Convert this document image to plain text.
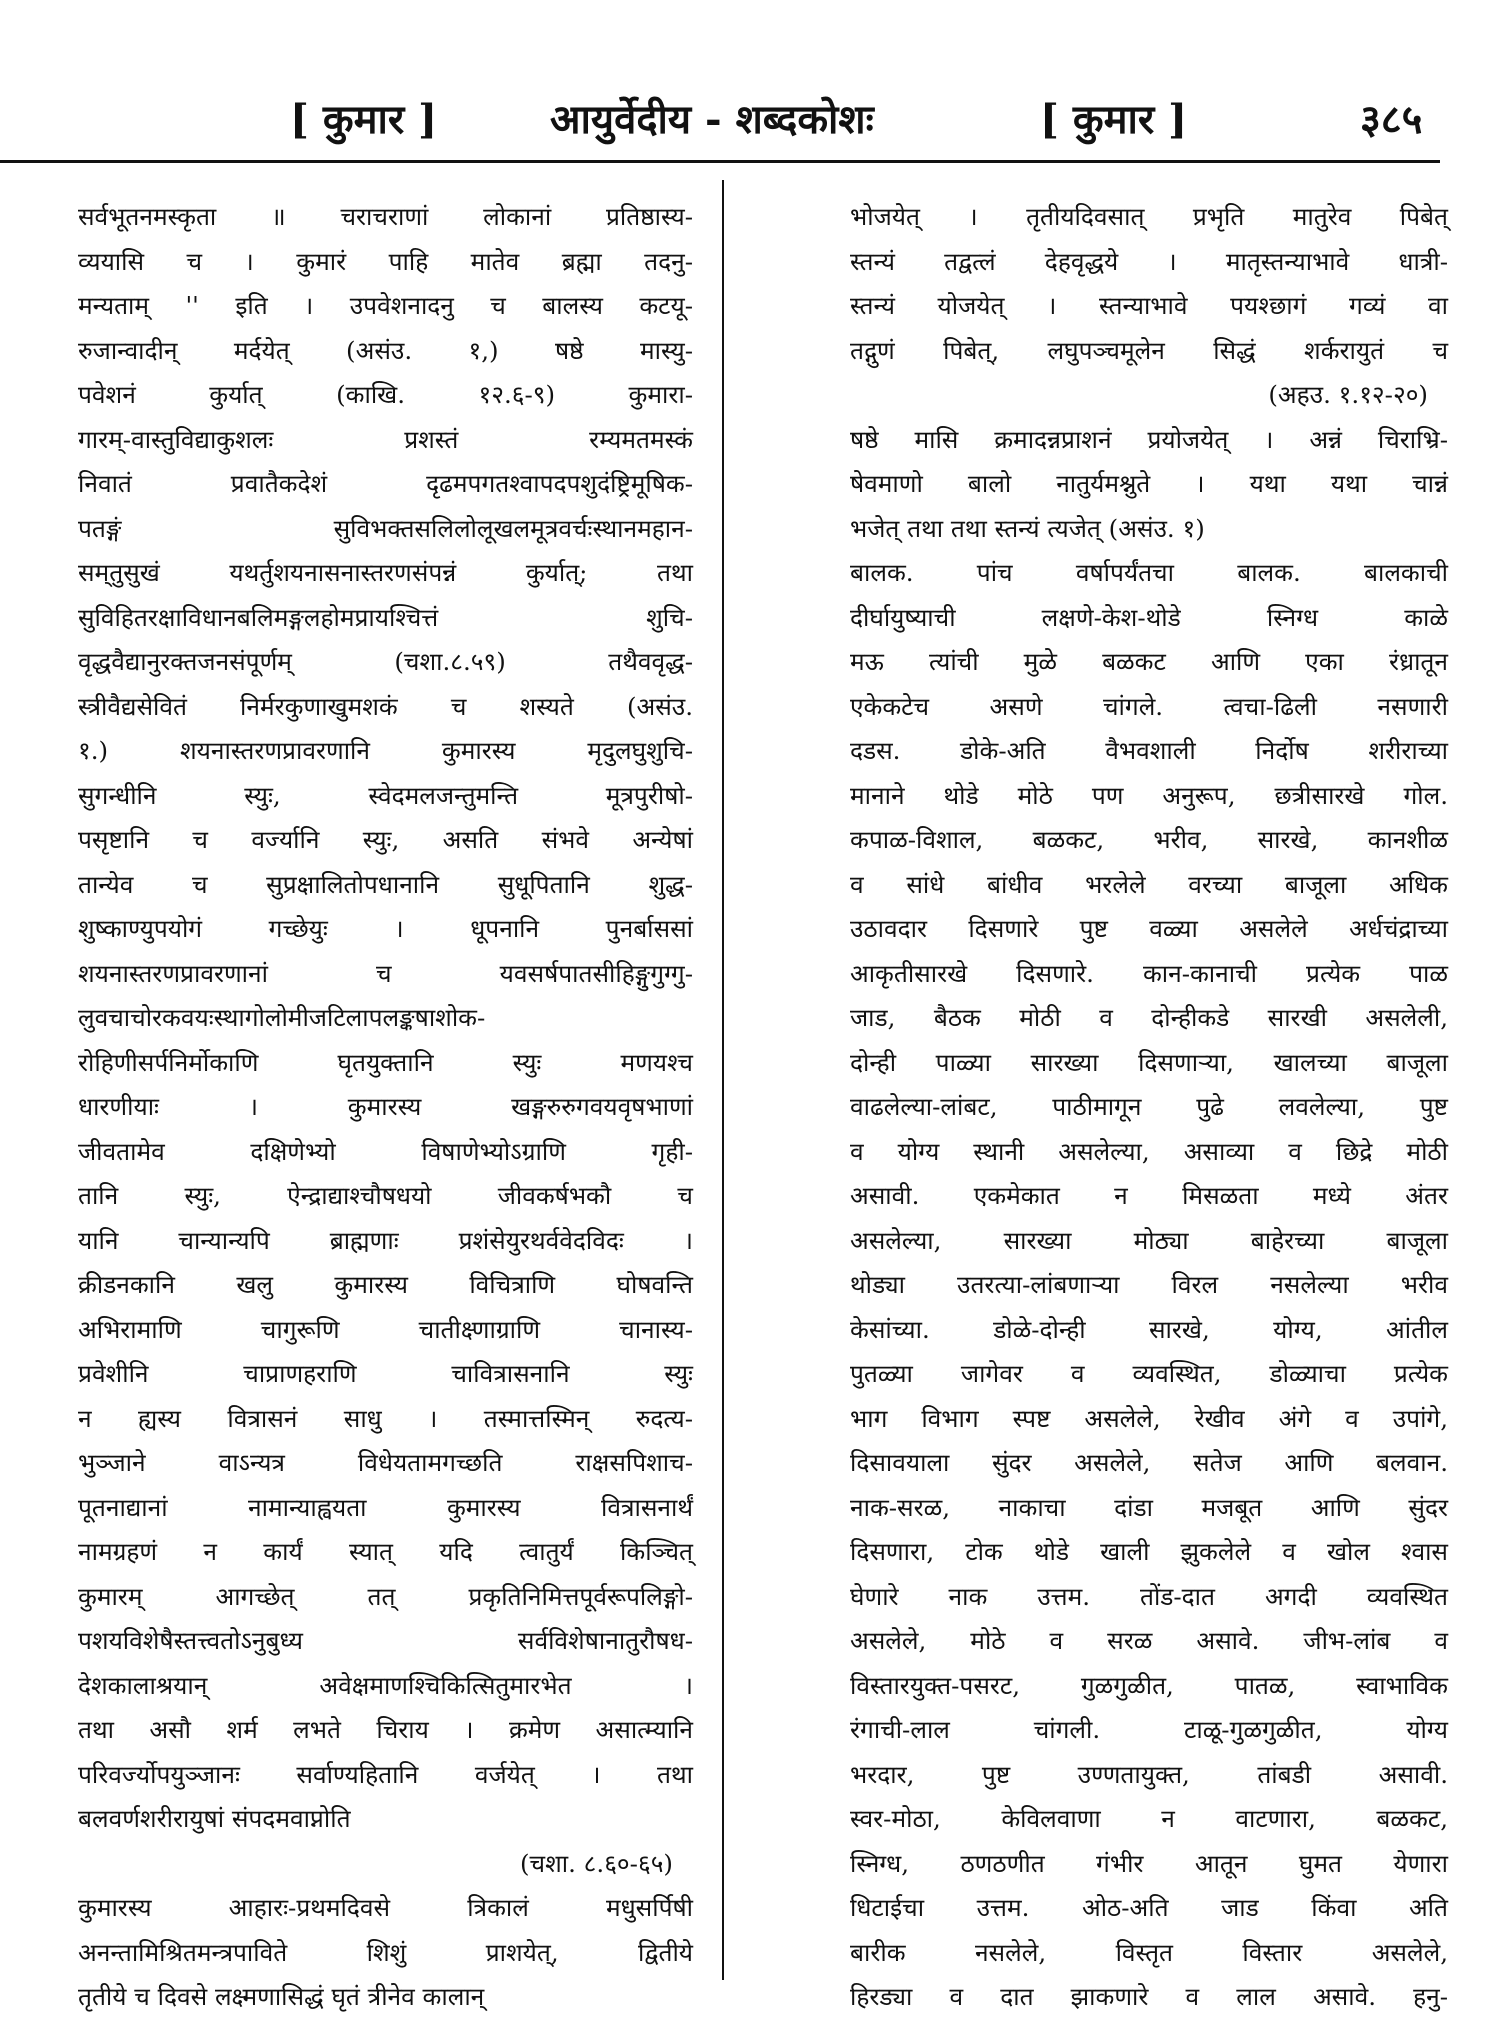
[ कुमार ]	आयुर्वेदीय - शब्दकोशः	[ कुमार ]	३८५
सर्वभूतनमस्कृता ॥ चराचराणां लोकानां प्रतिष्ठास्य-
व्ययासि च । कुमारं पाहि मातेव ब्रह्मा तदनु-
मन्यताम् '' इति । उपवेशनादनु च बालस्य कटयू-
रुजान्वादीन् मर्दयेत् (असंउ. १,) षष्ठे मास्यु-
पवेशनं कुर्यात् (काखि. १२.६-९) कुमारा-
गारम्-वास्तुविद्याकुशलः प्रशस्तं रम्यमतमस्कं
निवातं प्रवातैकदेशं दृढमपगतश्वापदपशुदंष्ट्रिमूषिक-
पतङ्गं सुविभक्तसलिलोलूखलमूत्रवर्चःस्थानमहान-
सम्‌तुसुखं यथर्तुशयनासनास्तरणसंपन्नं कुर्यात्; तथा
सुविहितरक्षाविधानबलिमङ्गलहोमप्रायश्चित्तं शुचि-
वृद्धवैद्यानुरक्तजनसंपूर्णम् (चशा.८.५९) तथैववृद्ध-
स्त्रीवैद्यसेवितं निर्मरकुणाखुमशकं च शस्यते (असंउ.
१.) शयनास्तरणप्रावरणानि कुमारस्य मृदुलघुशुचि-
सुगन्धीनि स्युः, स्वेदमलजन्तुमन्ति मूत्रपुरीषो-
पसृष्टानि च वर्ज्यानि स्युः, असति संभवे अन्येषां
तान्येव च सुप्रक्षालितोपधानानि सुधूपितानि शुद्ध-
शुष्काण्युपयोगं गच्छेयुः । धूपनानि पुनर्बाससां
शयनास्तरणप्रावरणानां च यवसर्षपातसीहिङ्गुगुग्गु-
लुवचाचोरकवयःस्थागोलोमीजटिलापलङ्कषाशोक-
रोहिणीसर्पनिर्मोकाणि घृतयुक्तानि स्युः मणयश्च
धारणीयाः । कुमारस्य खङ्गरुरुगवयवृषभाणां
जीवतामेव दक्षिणेभ्यो विषाणेभ्योऽग्राणि गृही-
तानि स्युः, ऐन्द्राद्याश्चौषधयो जीवकर्षभकौ च
यानि चान्यान्यपि ब्राह्मणाः प्रशंसेयुरथर्ववेदविदः ।
क्रीडनकानि खलु कुमारस्य विचित्राणि घोषवन्ति
अभिरामाणि चागुरूणि चातीक्ष्णाग्राणि चानास्य-
प्रवेशीनि चाप्राणहराणि चावित्रासनानि स्युः
न ह्यस्य वित्रासनं साधु । तस्मात्तस्मिन् रुदत्य-
भुञ्जाने वाऽन्यत्र विधेयतामगच्छति राक्षसपिशाच-
पूतनाद्यानां नामान्याह्वयता कुमारस्य वित्रासनार्थं
नामग्रहणं न कार्यं स्यात् यदि त्वातुर्यं किञ्चित्
कुमारम् आगच्छेत् तत् प्रकृतिनिमित्तपूर्वरूपलिङ्गो-
पशयविशेषैस्तत्त्वतोऽनुबुध्य सर्वविशेषानातुरौषध-
देशकालाश्रयान् अवेक्षमाणश्चिकित्सितुमारभेत ।
तथा असौ शर्म लभते चिराय । क्रमेण असात्म्यानि
परिवर्ज्योपयुञ्जानः सर्वाण्यहितानि वर्जयेत् । तथा
बलवर्णशरीरायुषां संपदमवाप्नोति
(चशा. ८.६०-६५)
कुमारस्य आहारः-प्रथमदिवसे त्रिकालं मधुसर्पिषी
अनन्तामिश्रितमन्त्रपाविते शिशुं प्राशयेत्, द्वितीये
तृतीये च दिवसे लक्ष्मणासिद्धं घृतं त्रीनेव कालान्
भोजयेत् । तृतीयदिवसात् प्रभृति मातुरेव पिबेत्
स्तन्यं तद्वत्लं देहवृद्धये । मातृस्तन्याभावे धात्री-
स्तन्यं योजयेत् । स्तन्याभावे पयश्छागं गव्यं वा
तद्गुणं पिबेत्, लघुपञ्चमूलेन सिद्धं शर्करायुतं च
(अहउ. १.१२-२०)
षष्ठे मासि क्रमादन्नप्राशनं प्रयोजयेत् । अन्नं चिराभ्रि-
षेवमाणो बालो नातुर्यमश्नुते । यथा यथा चान्नं
भजेत् तथा तथा स्तन्यं त्यजेत् (असंउ. १)
बालक. पांच वर्षापर्यंतचा बालक. बालकाची
दीर्घायुष्याची लक्षणे-केश-थोडे स्निग्ध काळे
मऊ त्यांची मुळे बळकट आणि एका रंध्रातून
एकेकटेच असणे चांगले. त्वचा-ढिली नसणारी
दडस. डोके-अति वैभवशाली निर्दोष शरीराच्या
मानाने थोडे मोठे पण अनुरूप, छत्रीसारखे गोल.
कपाळ-विशाल, बळकट, भरीव, सारखे, कानशीळ
व सांधे बांधीव भरलेले वरच्या बाजूला अधिक
उठावदार दिसणारे पुष्ट वळ्या असलेले अर्धचंद्राच्या
आकृतीसारखे दिसणारे. कान-कानाची प्रत्येक पाळ
जाड, बैठक मोठी व दोन्हीकडे सारखी असलेली,
दोन्ही पाळ्या सारख्या दिसणाऱ्या, खालच्या बाजूला
वाढलेल्या-लांबट, पाठीमागून पुढे लवलेल्या, पुष्ट
व योग्य स्थानी असलेल्या, असाव्या व छिद्रे मोठी
असावी. एकमेकात न मिसळता मध्ये अंतर
असलेल्या, सारख्या मोठ्या बाहेरच्या बाजूला
थोड्या उतरत्या-लांबणाऱ्या विरल नसलेल्या भरीव
केसांच्या. डोळे-दोन्ही सारखे, योग्य, आंतील
पुतळ्या जागेवर व व्यवस्थित, डोळ्याचा प्रत्येक
भाग विभाग स्पष्ट असलेले, रेखीव अंगे व उपांगे,
दिसावयाला सुंदर असलेले, सतेज आणि बलवान.
नाक-सरळ, नाकाचा दांडा मजबूत आणि सुंदर
दिसणारा, टोक थोडे खाली झुकलेले व खोल श्वास
घेणारे नाक उत्तम. तोंड-दात अगदी व्यवस्थित
असलेले, मोठे व सरळ असावे. जीभ-लांब व
विस्तारयुक्त-पसरट, गुळगुळीत, पातळ, स्वाभाविक
रंगाची-लाल चांगली. टाळू-गुळगुळीत, योग्य
भरदार, पुष्ट उण्णतायुक्त, तांबडी असावी.
स्वर-मोठा, केविलवाणा न वाटणारा, बळकट,
स्निग्ध, ठणठणीत गंभीर आतून घुमत येणारा
धिटाईचा उत्तम. ओठ-अति जाड किंवा अति
बारीक नसलेले, विस्तृत विस्तार असलेले,
हिरड्या व दात झाकणारे व लाल असावे. हनु-
